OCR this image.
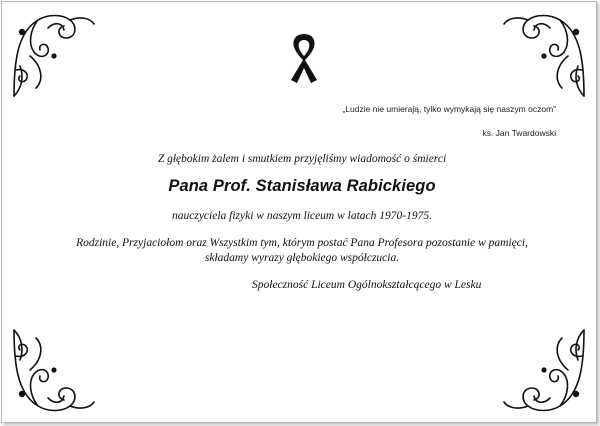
„Ludzie nie umierają, tylko wymykają się naszym oczom”
ks. Jan Twardowski
Z głębokim żalem i smutkiem przyjęliśmy wiadomość o śmierci
Pana Prof. Stanisława Rabickiego
nauczyciela fizyki w naszym liceum w latach 1970-1975.
Rodzinie, Przyjaciołom oraz Wszystkim tym, którym postać Pana Profesora pozostanie w pamięci,
składamy wyrazy głębokiego współczucia.
Społeczność Liceum Ogólnokształcącego w Lesku
